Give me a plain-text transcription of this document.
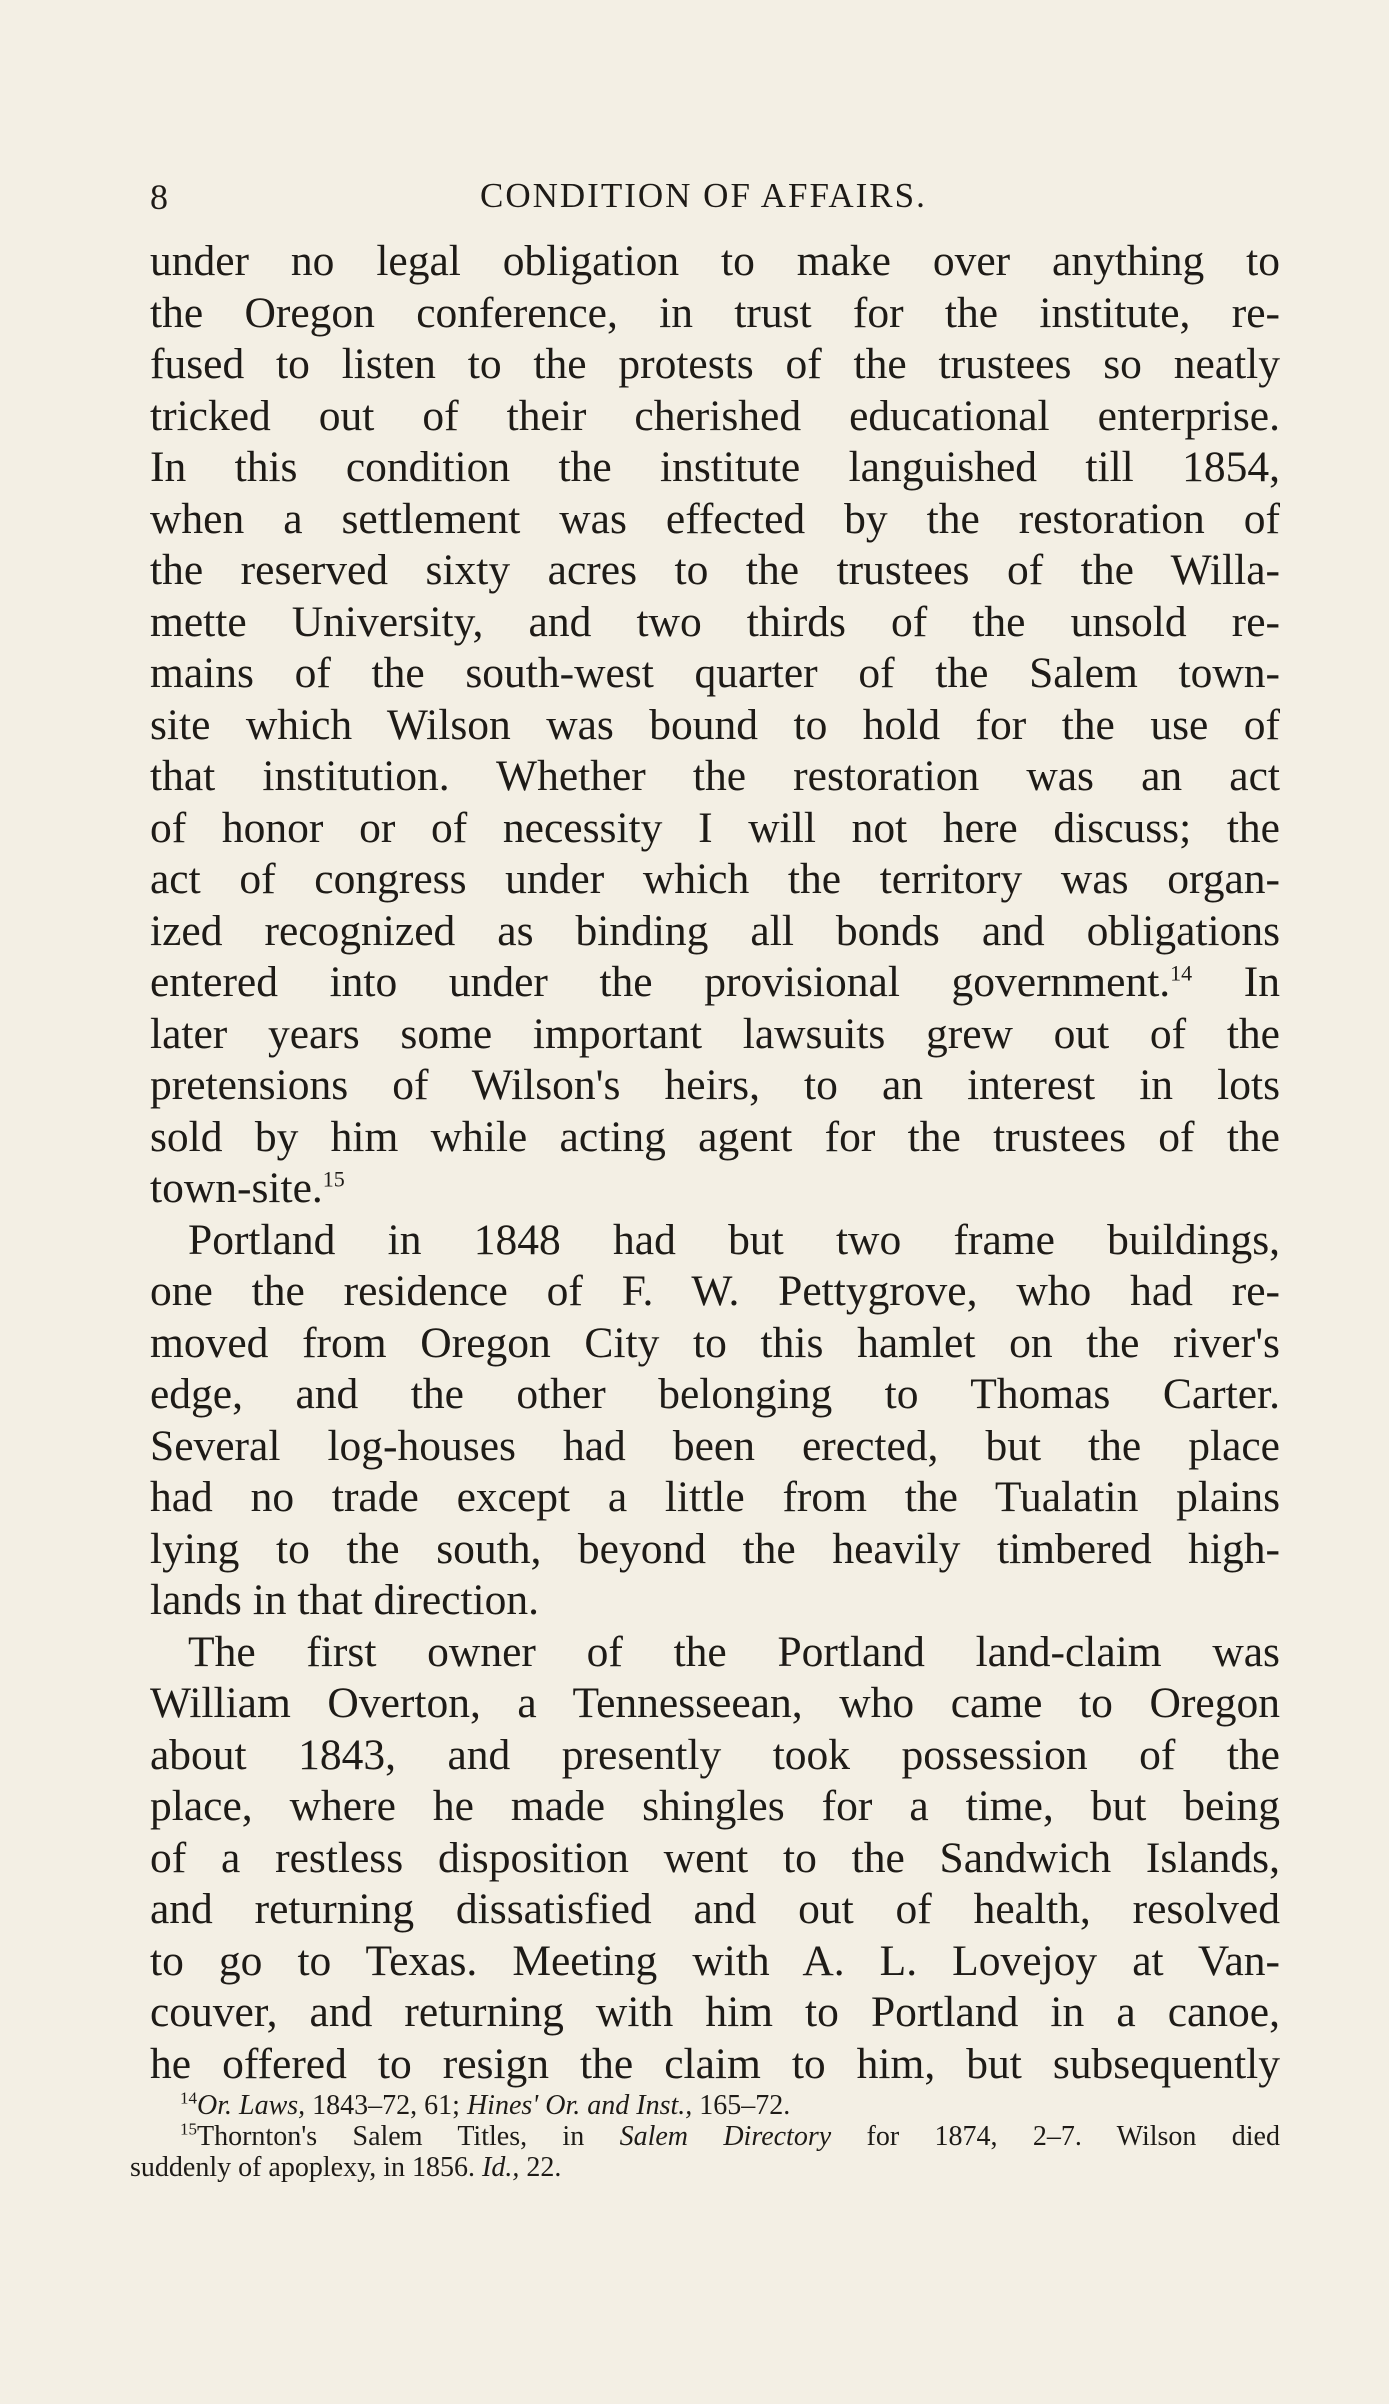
8	CONDITION OF AFFAIRS.
under no legal obligation to make over anything to
the Oregon conference, in trust for the institute, re-
fused to listen to the protests of the trustees so neatly
tricked out of their cherished educational enterprise.
In this condition the institute languished till 1854,
when a settlement was effected by the restoration of
the reserved sixty acres to the trustees of the Willa-
mette University, and two thirds of the unsold re-
mains of the south-west quarter of the Salem town-
site which Wilson was bound to hold for the use of
that institution. Whether the restoration was an act
of honor or of necessity I will not here discuss; the
act of congress under which the territory was organ-
ized recognized as binding all bonds and obligations
entered into under the provisional government.$^{14}$ In
later years some important lawsuits grew out of the
pretensions of Wilson's heirs, to an interest in lots
sold by him while acting agent for the trustees of the
town-site.$^{15}$
Portland in 1848 had but two frame buildings,
one the residence of F. W. Pettygrove, who had re-
moved from Oregon City to this hamlet on the river's
edge, and the other belonging to Thomas Carter.
Several log-houses had been erected, but the place
had no trade except a little from the Tualatin plains
lying to the south, beyond the heavily timbered high-
lands in that direction.
The first owner of the Portland land-claim was
William Overton, a Tennesseean, who came to Oregon
about 1843, and presently took possession of the
place, where he made shingles for a time, but being
of a restless disposition went to the Sandwich Islands,
and returning dissatisfied and out of health, resolved
to go to Texas. Meeting with A. L. Lovejoy at Van-
couver, and returning with him to Portland in a canoe,
he offered to resign the claim to him, but subsequently
$^{14}$Or. Laws, 1843–72, 61; Hines' Or. and Inst., 165–72.
$^{15}$Thornton's Salem Titles, in Salem Directory for 1874, 2–7. Wilson died
suddenly of apoplexy, in 1856. Id., 22.
